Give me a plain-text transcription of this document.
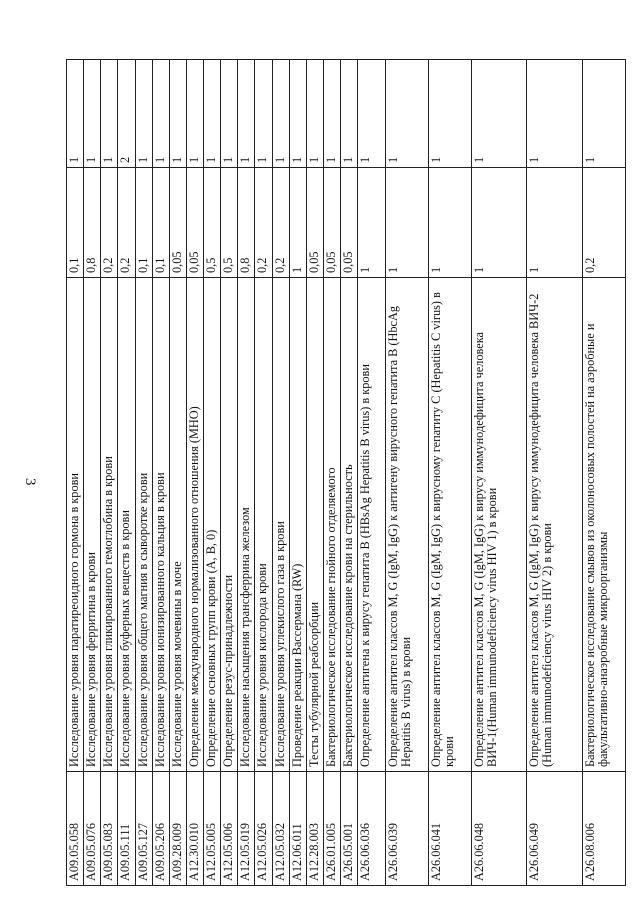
3
A09.05.058	Исследование уровня паратиреоидного гормона в крови	0,1	1
A09.05.076	Исследование уровня ферритина в крови	0,8	1
A09.05.083	Исследование уровня гликированного гемоглобина в крови	0,2	1
A09.05.111	Исследование уровня буферных веществ в крови	0,2	2
A09.05.127	Исследование уровня общего магния в сыворотке крови	0,1	1
A09.05.206	Исследование уровня ионизированного кальция в крови	0,1	1
A09.28.009	Исследование уровня мочевины в моче	0,05	1
A12.30.010	Определение международного нормализованного отношения (МНО)	0,05	1
A12.05.005	Определение основных групп крови (A, B, 0)	0,5	1
A12.05.006	Определение резус-принадлежности	0,5	1
A12.05.019	Исследование насыщения трансферрина железом	0,8	1
A12.05.026	Исследование уровня кислорода крови	0,2	1
A12.05.032	Исследование уровня углекислого газа в крови	0,2	1
A12.06.011	Проведение реакции Вассермана (RW)	1	1
A12.28.003	Тесты тубулярной реабсорбции	0,05	1
A26.01.005	Бактериологическое исследование гнойного отделяемого	0,05	1
A26.05.001	Бактериологическое исследование крови на стерильность	0,05	1
A26.06.036	Определение антигена к вирусу гепатита B (HBsAg Hepatitis B virus) в крови	1	1
A26.06.039	Определение антител классов M, G (IgM, IgG) к антигену вирусного гепатита B (HbcAg Hepatitis B virus) в крови	1	1
A26.06.041	Определение антител классов M, G (IgM, IgG) к вирусному гепатиту C (Hepatitis C virus) в крови	1	1
A26.06.048	Определение антител классов M, G (IgM, IgG) к вирусу иммунодефицита человека ВИЧ-1(Human immunodeficiency virus HIV 1) в крови	1	1
A26.06.049	Определение антител классов M, G (IgM, IgG) к вирусу иммунодефицита человека ВИЧ-2 (Human immunodeficiency virus HIV 2) в крови	1	1
A26.08.006	Бактериологическое исследование смывов из околоносовых полостей на аэробные и факультативно-анаэробные микроорганизмы	0,2	1
